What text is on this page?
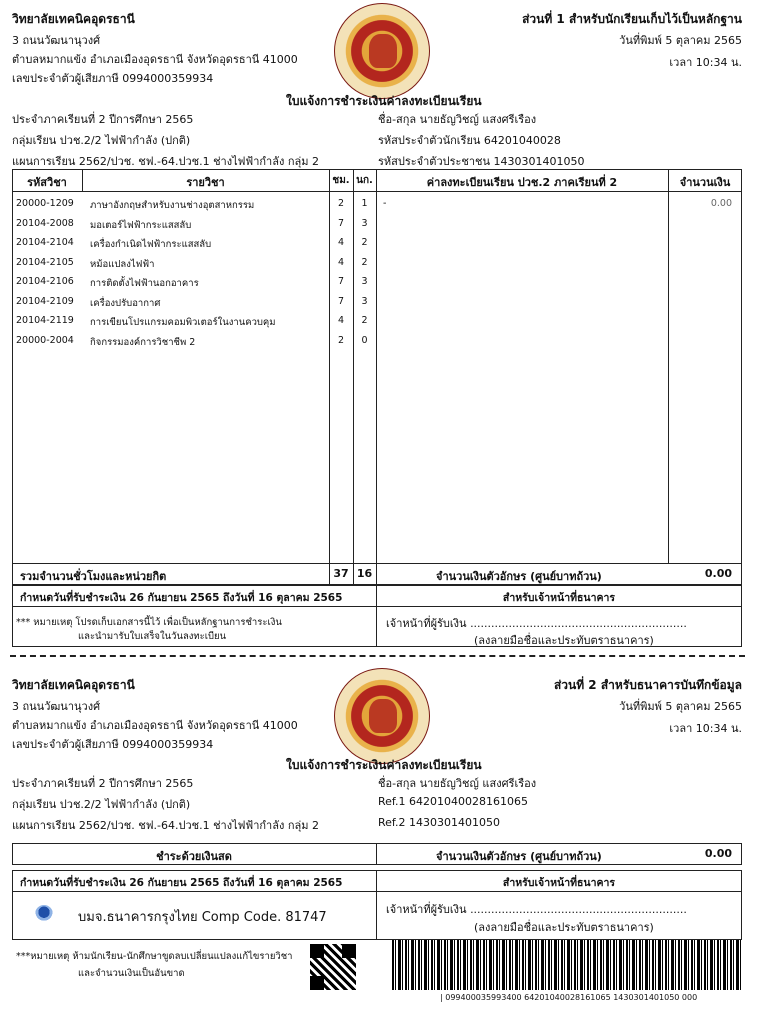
วิทยาลัยเทคนิคอุดรธานี
3 ถนนวัฒนานุวงศ์
ตำบลหมากแข้ง อำเภอเมืองอุดรธานี จังหวัดอุดรธานี 41000
เลขประจำตัวผู้เสียภาษี 0994000359934
ส่วนที่ 1 สำหรับนักเรียนเก็บไว้เป็นหลักฐาน
วันที่พิมพ์ 5 ตุลาคม 2565
เวลา 10:34 น.
ใบแจ้งการชำระเงินค่าลงทะเบียนเรียน
ประจำภาคเรียนที่ 2 ปีการศึกษา 2565
กลุ่มเรียน ปวช.2/2 ไฟฟ้ากำลัง (ปกติ)
แผนการเรียน 2562/ปวช. ชฟ.-64.ปวช.1 ช่างไฟฟ้ากำลัง กลุ่ม 2
ชื่อ-สกุล นายธัญวิชญ์ แสงศรีเรือง
รหัสประจำตัวนักเรียน 64201040028
รหัสประจำตัวประชาชน 1430301401050
รหัสวิชา	รายวิชา	ชม. นก.	ค่าลงทะเบียนเรียน ปวช.2 ภาคเรียนที่ 2	จำนวนเงิน
20000-1209 ภาษาอังกฤษสำหรับงานช่างอุตสาหกรรม	2	1
20104-2008 มอเตอร์ไฟฟ้ากระแสสลับ	7	3
20104-2104 เครื่องกำเนิดไฟฟ้ากระแสสลับ	4	2
20104-2105 หม้อแปลงไฟฟ้า	4	2
20104-2106 การติดตั้งไฟฟ้านอกอาคาร	7	3
20104-2109 เครื่องปรับอากาศ	7	3
20104-2119 การเขียนโปรแกรมคอมพิวเตอร์ในงานควบคุม	4	2
20000-2004 กิจกรรมองค์การวิชาชีพ 2	2	0
-	0.00
รวมจำนวนชั่วโมงและหน่วยกิต	37 16	จำนวนเงินตัวอักษร (ศูนย์บาทถ้วน)	0.00
กำหนดวันที่รับชำระเงิน 26 กันยายน 2565 ถึงวันที่ 16 ตุลาคม 2565	สำหรับเจ้าหน้าที่ธนาคาร
*** หมายเหตุ โปรดเก็บเอกสารนี้ไว้ เพื่อเป็นหลักฐานการชำระเงิน
และนำมารับใบเสร็จในวันลงทะเบียน
เจ้าหน้าที่ผู้รับเงิน ..............................................................
(ลงลายมือชื่อและประทับตราธนาคาร)
วิทยาลัยเทคนิคอุดรธานี
3 ถนนวัฒนานุวงศ์
ตำบลหมากแข้ง อำเภอเมืองอุดรธานี จังหวัดอุดรธานี 41000
เลขประจำตัวผู้เสียภาษี 0994000359934
ส่วนที่ 2 สำหรับธนาคารบันทึกข้อมูล
วันที่พิมพ์ 5 ตุลาคม 2565
เวลา 10:34 น.
ใบแจ้งการชำระเงินค่าลงทะเบียนเรียน
ประจำภาคเรียนที่ 2 ปีการศึกษา 2565
กลุ่มเรียน ปวช.2/2 ไฟฟ้ากำลัง (ปกติ)
แผนการเรียน 2562/ปวช. ชฟ.-64.ปวช.1 ช่างไฟฟ้ากำลัง กลุ่ม 2
ชื่อ-สกุล นายธัญวิชญ์ แสงศรีเรือง
Ref.1 64201040028161065
Ref.2 1430301401050
ชำระด้วยเงินสด	จำนวนเงินตัวอักษร (ศูนย์บาทถ้วน)	0.00
กำหนดวันที่รับชำระเงิน 26 กันยายน 2565 ถึงวันที่ 16 ตุลาคม 2565	สำหรับเจ้าหน้าที่ธนาคาร
บมจ.ธนาคารกรุงไทย Comp Code. 81747
เจ้าหน้าที่ผู้รับเงิน ..............................................................
(ลงลายมือชื่อและประทับตราธนาคาร)
***หมายเหตุ ห้ามนักเรียน-นักศึกษาขูดลบเปลี่ยนแปลงแก้ไขรายวิชา
และจำนวนเงินเป็นอันขาด
| 099400035993400 64201040028161065 1430301401050 000
